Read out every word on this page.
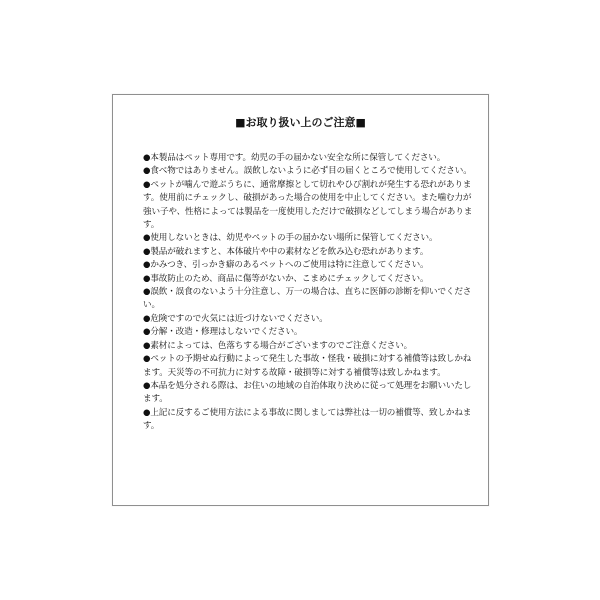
■お取り扱い上のご注意■
●本製品はペット専用です。幼児の手の届かない安全な所に保管してください。
●食べ物ではありません。誤飲しないように必ず目の届くところで使用してください。
●ペットが噛んで遊ぶうちに、通常摩擦として切れやひび割れが発生する恐れがあります。使用前にチェックし、破損があった場合の使用を中止してください。また噛む力が強い子や、性格によっては製品を一度使用しただけで破損などしてしまう場合があります。
●使用しないときは、幼児やペットの手の届かない場所に保管してください。
●製品が破れますと、本体破片や中の素材などを飲み込む恐れがあります。
●かみつき、引っかき癖のあるペットへのご使用は特に注意してください。
●事故防止のため、商品に傷等がないか、こまめにチェックしてください。
●誤飲・誤食のないよう十分注意し、万一の場合は、直ちに医師の診断を仰いでください。
●危険ですので火気には近づけないでください。
●分解・改造・修理はしないでください。
●素材によっては、色落ちする場合がございますのでご注意ください。
●ペットの予期せぬ行動によって発生した事故・怪我・破損に対する補償等は致しかねます。天災等の不可抗力に対する故障・破損等に対する補償等は致しかねます。
●本品を処分される際は、お住いの地域の自治体取り決めに従って処理をお願いいたします。
●上記に反するご使用方法による事故に関しましては弊社は一切の補償等、致しかねます。
